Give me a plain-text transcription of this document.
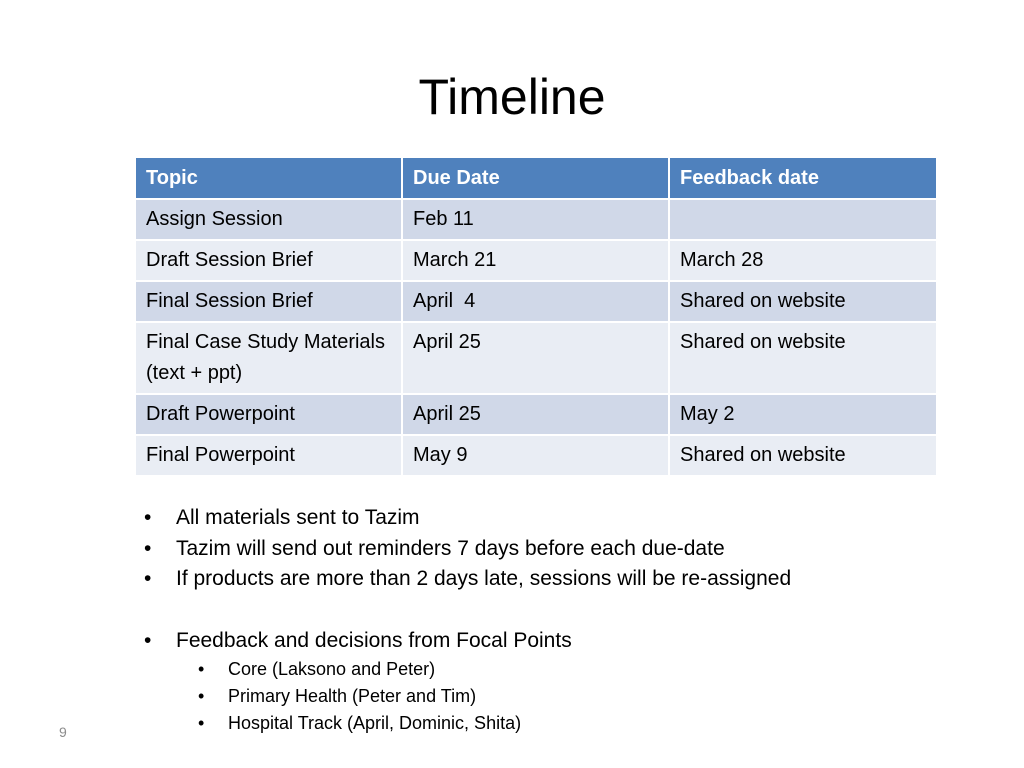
Timeline
Topic	Due Date	Feedback date
Assign Session	Feb 11	
Draft Session Brief	March 21	March 28
Final Session Brief	April  4	Shared on website
Final Case Study Materials (text + ppt)	April 25	Shared on website
Draft Powerpoint	April 25	May 2
Final Powerpoint	May 9	Shared on website
• All materials sent to Tazim
• Tazim will send out reminders 7 days before each due-date
• If products are more than 2 days late, sessions will be re-assigned
• Feedback and decisions from Focal Points
• Core (Laksono and Peter)
• Primary Health (Peter and Tim)
• Hospital Track (April, Dominic, Shita)
9
